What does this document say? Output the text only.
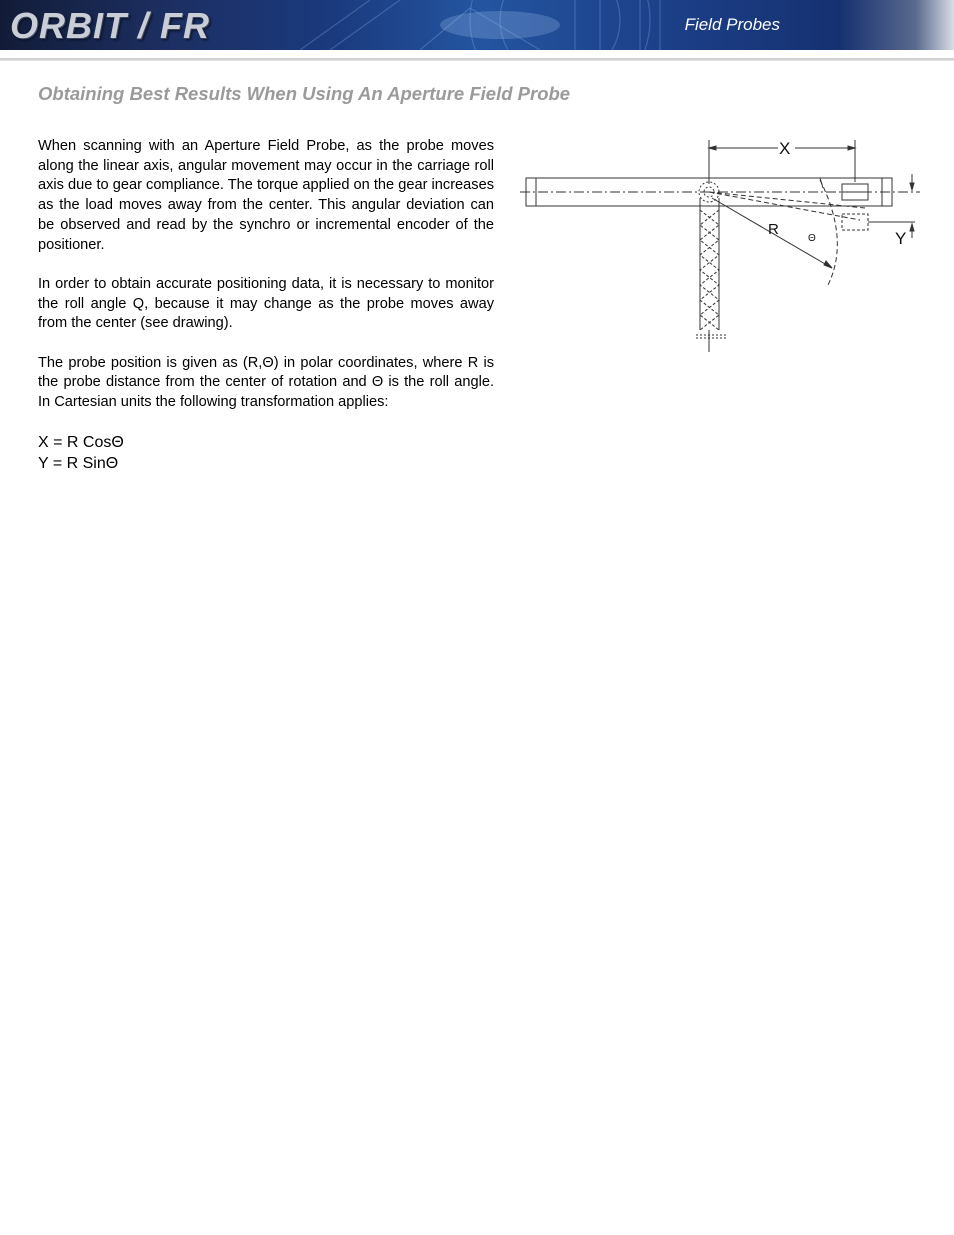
ORBIT / FR	Field Probes
Obtaining Best Results When Using An Aperture Field Probe

When scanning with an Aperture Field Probe, as the probe moves along the linear axis, angular movement may occur in the carriage roll axis due to gear compliance. The torque applied on the gear increases as the load moves away from the center. This angular deviation can be observed and read by the synchro or incremental encoder of the positioner.

In order to obtain accurate positioning data, it is necessary to monitor the roll angle Q, because it may change as the probe moves away from the center (see drawing).

The probe position is given as (R,Θ) in polar coordinates, where R is the probe distance from the center of rotation and Θ is the roll angle. In Cartesian units the following transformation applies:

X = R CosΘ
Y = R SinΘ
X
R
Θ	Y
